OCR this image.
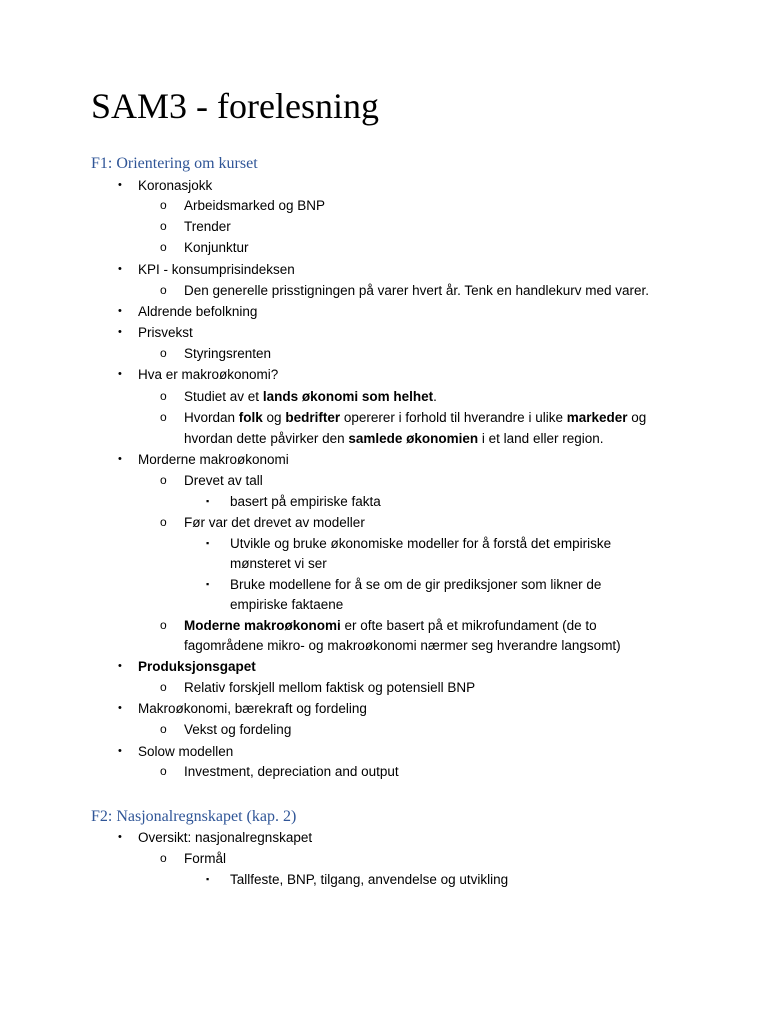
SAM3 - forelesning
F1: Orientering om kurset
• Koronasjokk
o Arbeidsmarked og BNP
o Trender
o Konjunktur
• KPI - konsumprisindeksen
o Den generelle prisstigningen på varer hvert år. Tenk en handlekurv med varer.
• Aldrende befolkning
• Prisvekst
o Styringsrenten
• Hva er makroøkonomi?
o Studiet av et lands økonomi som helhet.
o Hvordan folk og bedrifter opererer i forhold til hverandre i ulike markeder og
hvordan dette påvirker den samlede økonomien i et land eller region.
• Morderne makroøkonomi
o Drevet av tall
▪ basert på empiriske fakta
o Før var det drevet av modeller
▪ Utvikle og bruke økonomiske modeller for å forstå det empiriske
mønsteret vi ser
▪ Bruke modellene for å se om de gir prediksjoner som likner de
empiriske faktaene
o Moderne makroøkonomi er ofte basert på et mikrofundament (de to
fagområdene mikro- og makroøkonomi nærmer seg hverandre langsomt)
• Produksjonsgapet
o Relativ forskjell mellom faktisk og potensiell BNP
• Makroøkonomi, bærekraft og fordeling
o Vekst og fordeling
• Solow modellen
o Investment, depreciation and output
F2: Nasjonalregnskapet (kap. 2)
• Oversikt: nasjonalregnskapet
o Formål
▪ Tallfeste, BNP, tilgang, anvendelse og utvikling
